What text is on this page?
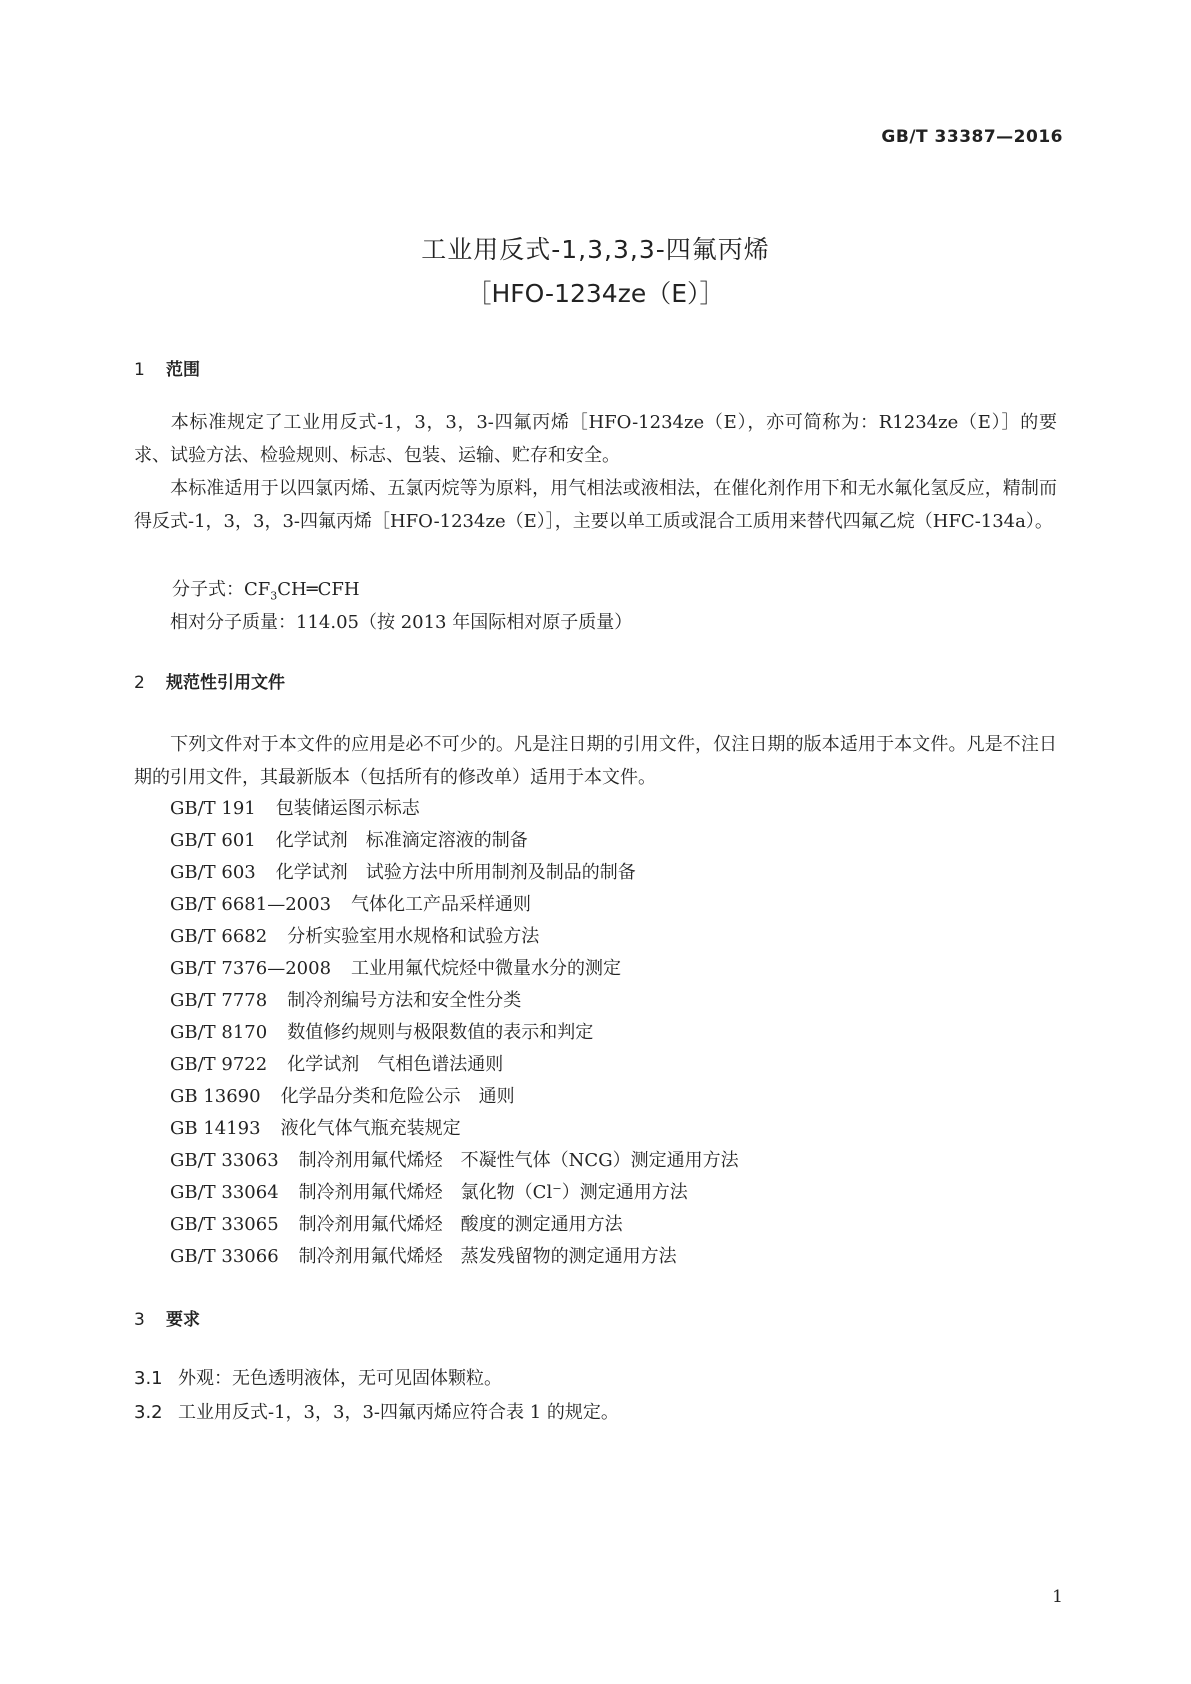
GB/T 33387—2016
工业用反式-1,3,3,3-四氟丙烯
［HFO-1234ze（E）］
1 范围
本标准规定了工业用反式-1，3，3，3-四氟丙烯［HFO-1234ze（E），亦可简称为：R1234ze（E）］的要求、试验方法、检验规则、标志、包装、运输、贮存和安全。
本标准适用于以四氯丙烯、五氯丙烷等为原料，用气相法或液相法，在催化剂作用下和无水氟化氢反应，精制而得反式-1，3，3，3-四氟丙烯［HFO-1234ze（E）］，主要以单工质或混合工质用来替代四氟乙烷（HFC-134a）。
分子式：$CF_3CH═CFH$
相对分子质量：114.05（按 2013 年国际相对原子质量）
2 规范性引用文件
下列文件对于本文件的应用是必不可少的。凡是注日期的引用文件，仅注日期的版本适用于本文件。凡是不注日期的引用文件，其最新版本（包括所有的修改单）适用于本文件。
GB/T 191 包装储运图示标志
GB/T 601 化学试剂 标准滴定溶液的制备
GB/T 603 化学试剂 试验方法中所用制剂及制品的制备
GB/T 6681—2003 气体化工产品采样通则
GB/T 6682 分析实验室用水规格和试验方法
GB/T 7376—2008 工业用氟代烷烃中微量水分的测定
GB/T 7778 制冷剂编号方法和安全性分类
GB/T 8170 数值修约规则与极限数值的表示和判定
GB/T 9722 化学试剂 气相色谱法通则
GB 13690 化学品分类和危险公示 通则
GB 14193 液化气体气瓶充装规定
GB/T 33063 制冷剂用氟代烯烃 不凝性气体（NCG）测定通用方法
GB/T 33064 制冷剂用氟代烯烃 氯化物（Cl⁻）测定通用方法
GB/T 33065 制冷剂用氟代烯烃 酸度的测定通用方法
GB/T 33066 制冷剂用氟代烯烃 蒸发残留物的测定通用方法
3 要求
3.1 外观：无色透明液体，无可见固体颗粒。
3.2 工业用反式-1，3，3，3-四氟丙烯应符合表 1 的规定。
1
